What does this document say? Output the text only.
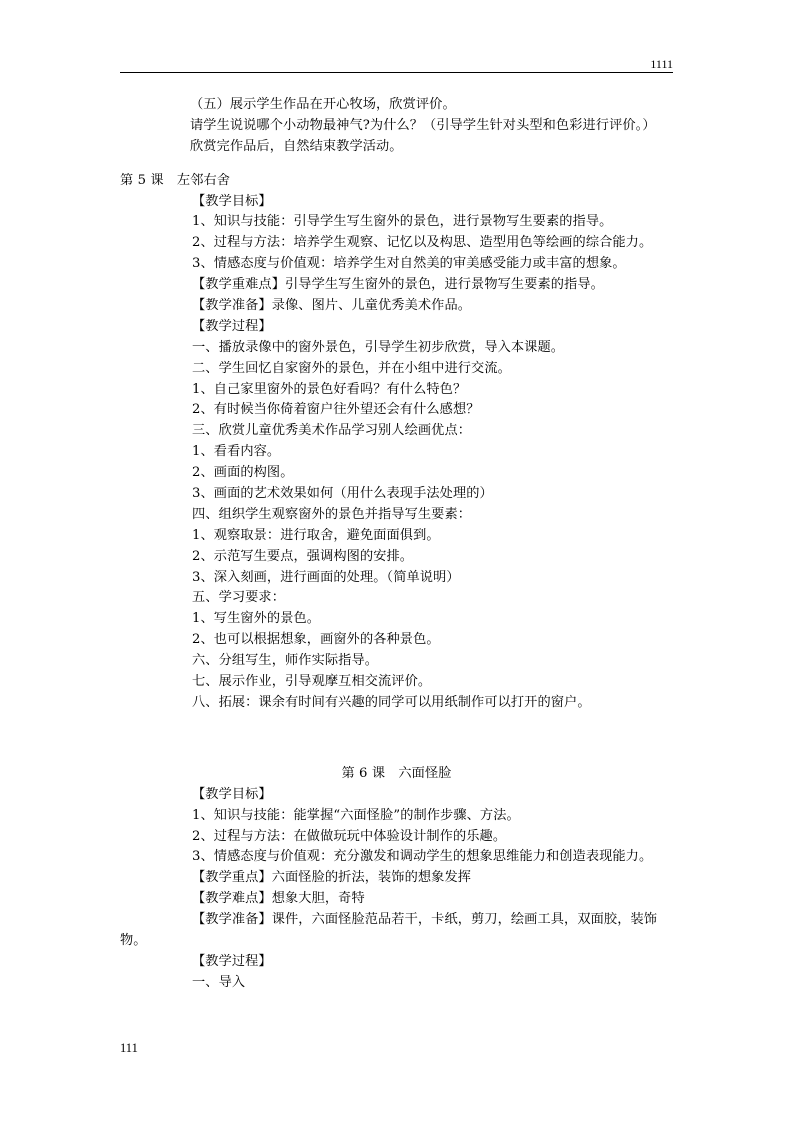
1111
（五）展示学生作品在开心牧场，欣赏评价。
请学生说说哪个小动物最神气?为什么？（引导学生针对头型和色彩进行评价。）
欣赏完作品后，自然结束教学活动。
第 5 课　左邻右舍
【教学目标】
1、知识与技能：引导学生写生窗外的景色，进行景物写生要素的指导。
2、过程与方法：培养学生观察、记忆以及构思、造型用色等绘画的综合能力。
3、情感态度与价值观：培养学生对自然美的审美感受能力或丰富的想象。
【教学重难点】引导学生写生窗外的景色，进行景物写生要素的指导。
【教学准备】录像、图片、儿童优秀美术作品。
【教学过程】
一、播放录像中的窗外景色，引导学生初步欣赏，导入本课题。
二、学生回忆自家窗外的景色，并在小组中进行交流。
1、自己家里窗外的景色好看吗？有什么特色？
2、有时候当你倚着窗户往外望还会有什么感想？
三、欣赏儿童优秀美术作品学习别人绘画优点：
1、看看内容。
2、画面的构图。
3、画面的艺术效果如何（用什么表现手法处理的）
四、组织学生观察窗外的景色并指导写生要素：
1、观察取景：进行取舍，避免面面俱到。
2、示范写生要点，强调构图的安排。
3、深入刻画，进行画面的处理。（简单说明）
五、学习要求：
1、写生窗外的景色。
2、也可以根据想象，画窗外的各种景色。
六、分组写生，师作实际指导。
七、展示作业，引导观摩互相交流评价。
八、拓展：课余有时间有兴趣的同学可以用纸制作可以打开的窗户。
第 6 课　六面怪脸
【教学目标】
1、知识与技能：能掌握“六面怪脸”的制作步骤、方法。
2、过程与方法：在做做玩玩中体验设计制作的乐趣。
3、情感态度与价值观：充分激发和调动学生的想象思维能力和创造表现能力。
【教学重点】六面怪脸的折法，装饰的想象发挥
【教学难点】想象大胆，奇特
【教学准备】课件，六面怪脸范品若干，卡纸，剪刀，绘画工具，双面胶，装饰
物。
【教学过程】
一、导入
111
